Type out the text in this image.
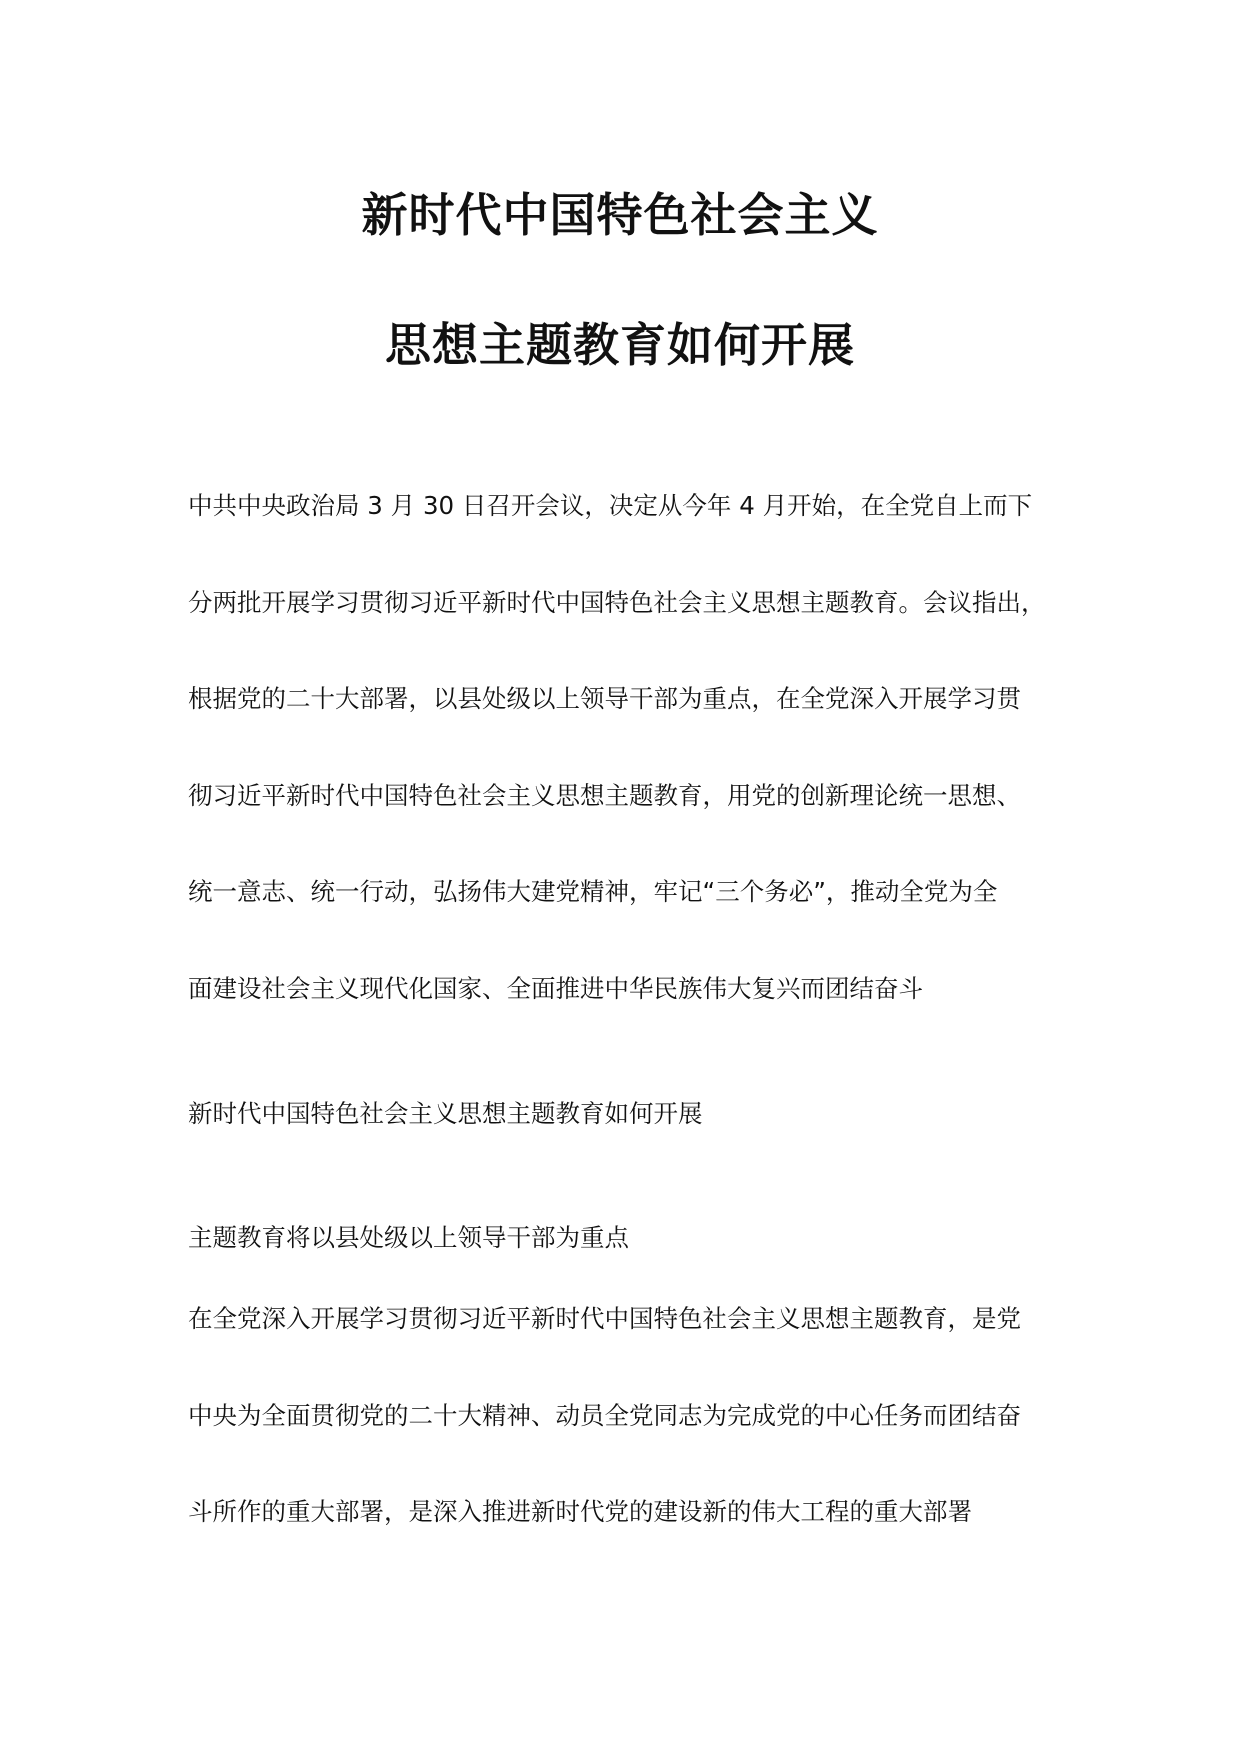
新时代中国特色社会主义
思想主题教育如何开展
中共中央政治局 3 月 30 日召开会议，决定从今年 4 月开始，在全党自上而下
分两批开展学习贯彻习近平新时代中国特色社会主义思想主题教育。会议指出，
根据党的二十大部署，以县处级以上领导干部为重点，在全党深入开展学习贯
彻习近平新时代中国特色社会主义思想主题教育，用党的创新理论统一思想、
统一意志、统一行动，弘扬伟大建党精神，牢记“三个务必”，推动全党为全
面建设社会主义现代化国家、全面推进中华民族伟大复兴而团结奋斗
新时代中国特色社会主义思想主题教育如何开展
主题教育将以县处级以上领导干部为重点
在全党深入开展学习贯彻习近平新时代中国特色社会主义思想主题教育，是党
中央为全面贯彻党的二十大精神、动员全党同志为完成党的中心任务而团结奋
斗所作的重大部署，是深入推进新时代党的建设新的伟大工程的重大部署
